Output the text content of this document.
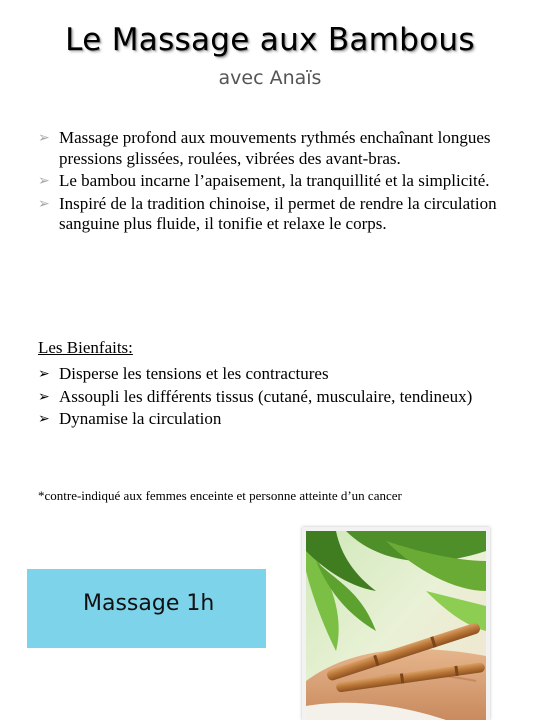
Le Massage aux Bambous
avec Anaïs
➢ Massage profond aux mouvements rythmés enchaînant longues pressions glissées, roulées, vibrées des avant-bras.
➢ Le bambou incarne l’apaisement, la tranquillité et la simplicité.
➢ Inspiré de la tradition chinoise, il permet de rendre la circulation sanguine plus fluide, il tonifie et relaxe le corps.
Les Bienfaits:
➢ Disperse les tensions et les contractures
➢ Assoupli les différents tissus (cutané, musculaire, tendineux)
➢ Dynamise la circulation
*contre-indiqué aux femmes enceinte et personne atteinte d’un cancer
Massage 1h
